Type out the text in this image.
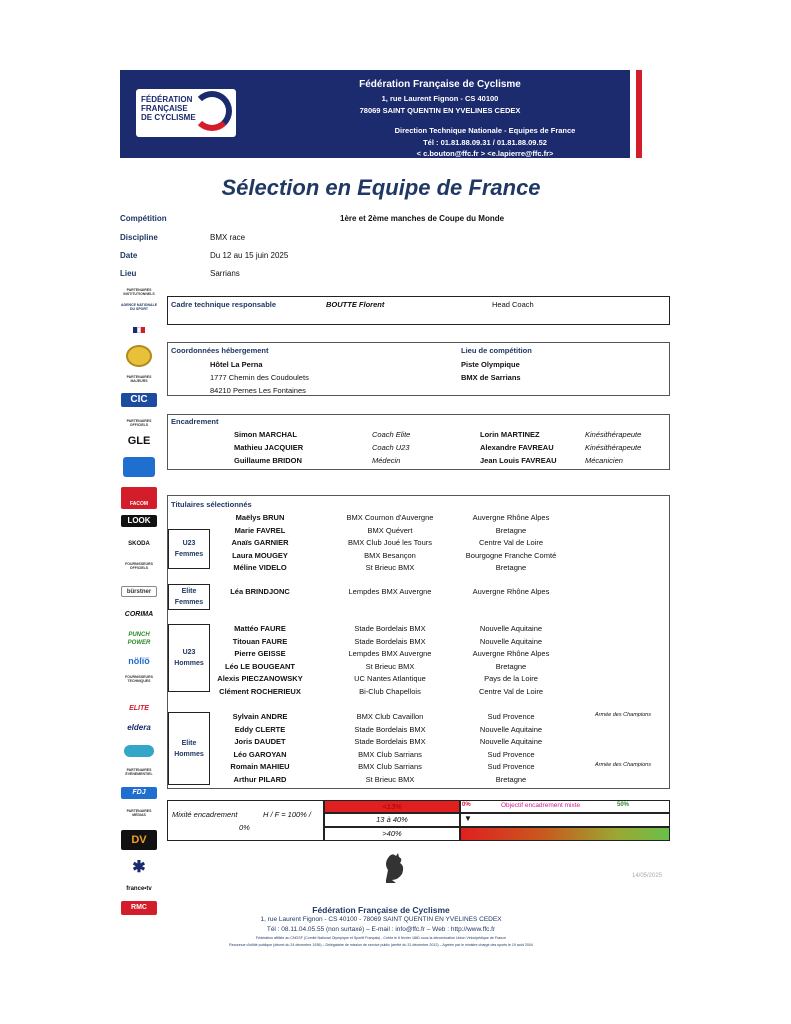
FÉDÉRATION
FRANÇAISE
DE CYCLISME
Fédération Française de Cyclisme
1, rue Laurent Fignon - CS 40100
78069 SAINT QUENTIN EN YVELINES CEDEX
Direction Technique Nationale - Equipes de France
Tél : 01.81.88.09.31 / 01.81.88.09.52
< c.bouton@ffc.fr > <e.lapierre@ffc.fr>
Sélection en Equipe de France
Compétition	1ère et 2ème manches de Coupe du Monde
Discipline	BMX race
Date	Du 12 au 15 juin 2025
Lieu	Sarrians
Cadre technique responsable	BOUTTE Florent	Head Coach
Coordonnées hébergement
Hôtel La Perna
1777 Chemin des Coudoulets
84210 Pernes Les Fontaines
Lieu de compétition
Piste Olympique
BMX de Sarrians
Encadrement
Simon MARCHAL	Coach Elite	Lorin MARTINEZ	Kinésithérapeute
Mathieu JACQUIER	Coach U23	Alexandre FAVREAU	Kinésithérapeute
Guillaume BRIDON	Médecin	Jean Louis FAVREAU	Mécanicien
Titulaires sélectionnés
U23
Femmes
Maëlys BRUN	BMX Cournon d'Auvergne	Auvergne Rhône Alpes
Marie FAVREL	BMX Quévert	Bretagne
Anaïs GARNIER	BMX Club Joué les Tours	Centre Val de Loire
Laura MOUGEY	BMX Besançon	Bourgogne Franche Comté
Méline VIDELO	St Brieuc BMX	Bretagne
Elite
Femmes
Léa BRINDJONC	Lempdes BMX Auvergne	Auvergne Rhône Alpes
U23
Hommes
Mattéo FAURE	Stade Bordelais BMX	Nouvelle Aquitaine
Titouan FAURE	Stade Bordelais BMX	Nouvelle Aquitaine
Pierre GEISSE	Lempdes BMX Auvergne	Auvergne Rhône Alpes
Léo LE BOUGEANT	St Brieuc BMX	Bretagne
Alexis PIECZANOWSKY	UC Nantes Atlantique	Pays de la Loire
Clément ROCHERIEUX	Bi-Club Chapellois	Centre Val de Loire
Elite
Hommes
Sylvain ANDRE	BMX Club Cavaillon	Sud Provence	Armée des Champions
Eddy CLERTE	Stade Bordelais BMX	Nouvelle Aquitaine
Joris DAUDET	Stade Bordelais BMX	Nouvelle Aquitaine
Léo GAROYAN	BMX Club Sarrians	Sud Provence
Romain MAHIEU	BMX Club Sarrians	Sud Provence	Armée des Champions
Arthur PILARD	St Brieuc BMX	Bretagne
Mixité encadrement	H / F = 100% /
0%
<13%
13 à 40%
>40%
0%	Objectif encadrement mixte	50%
▼
14/05/2025
PARTENAIRES INSTITUTIONNELS
AGENCE NATIONALE DU SPORT
PARTENAIRES MAJEURS
CIC
PARTENAIRES OFFICIELS
GLE
FACOM
LOOK
SKODA
FOURNISSEURS OFFICIELS
bürstner
CORIMA
PUNCH POWER
nölïö
FOURNISSEURS TECHNIQUES
ELITE
eldera
PARTENAIRES ÉVÉNEMENTIEL
FDJ
PARTENAIRES MÉDIAS
DV
✱
france•tv
RMC	Fédération Française de Cyclisme
1, rue Laurent Fignon - CS 40100 - 78069 SAINT QUENTIN EN YVELINES CEDEX
Tél : 08.11.04.05.55 (non surtaxé) – E-mail : info@ffc.fr – Web : http://www.ffc.fr
Fédération affiliée au CNOSF (Comité National Olympique et Sportif Français) - Créée le 6 février 1881 sous la dénomination Union Vélocipédique de France
Reconnue d'utilité publique (décret du 24 décembre 1936) – Délégataire de mission de service public (arrêté du 31 décembre 2012) – Agréée par le ministre chargé des sports le 19 août 2004
